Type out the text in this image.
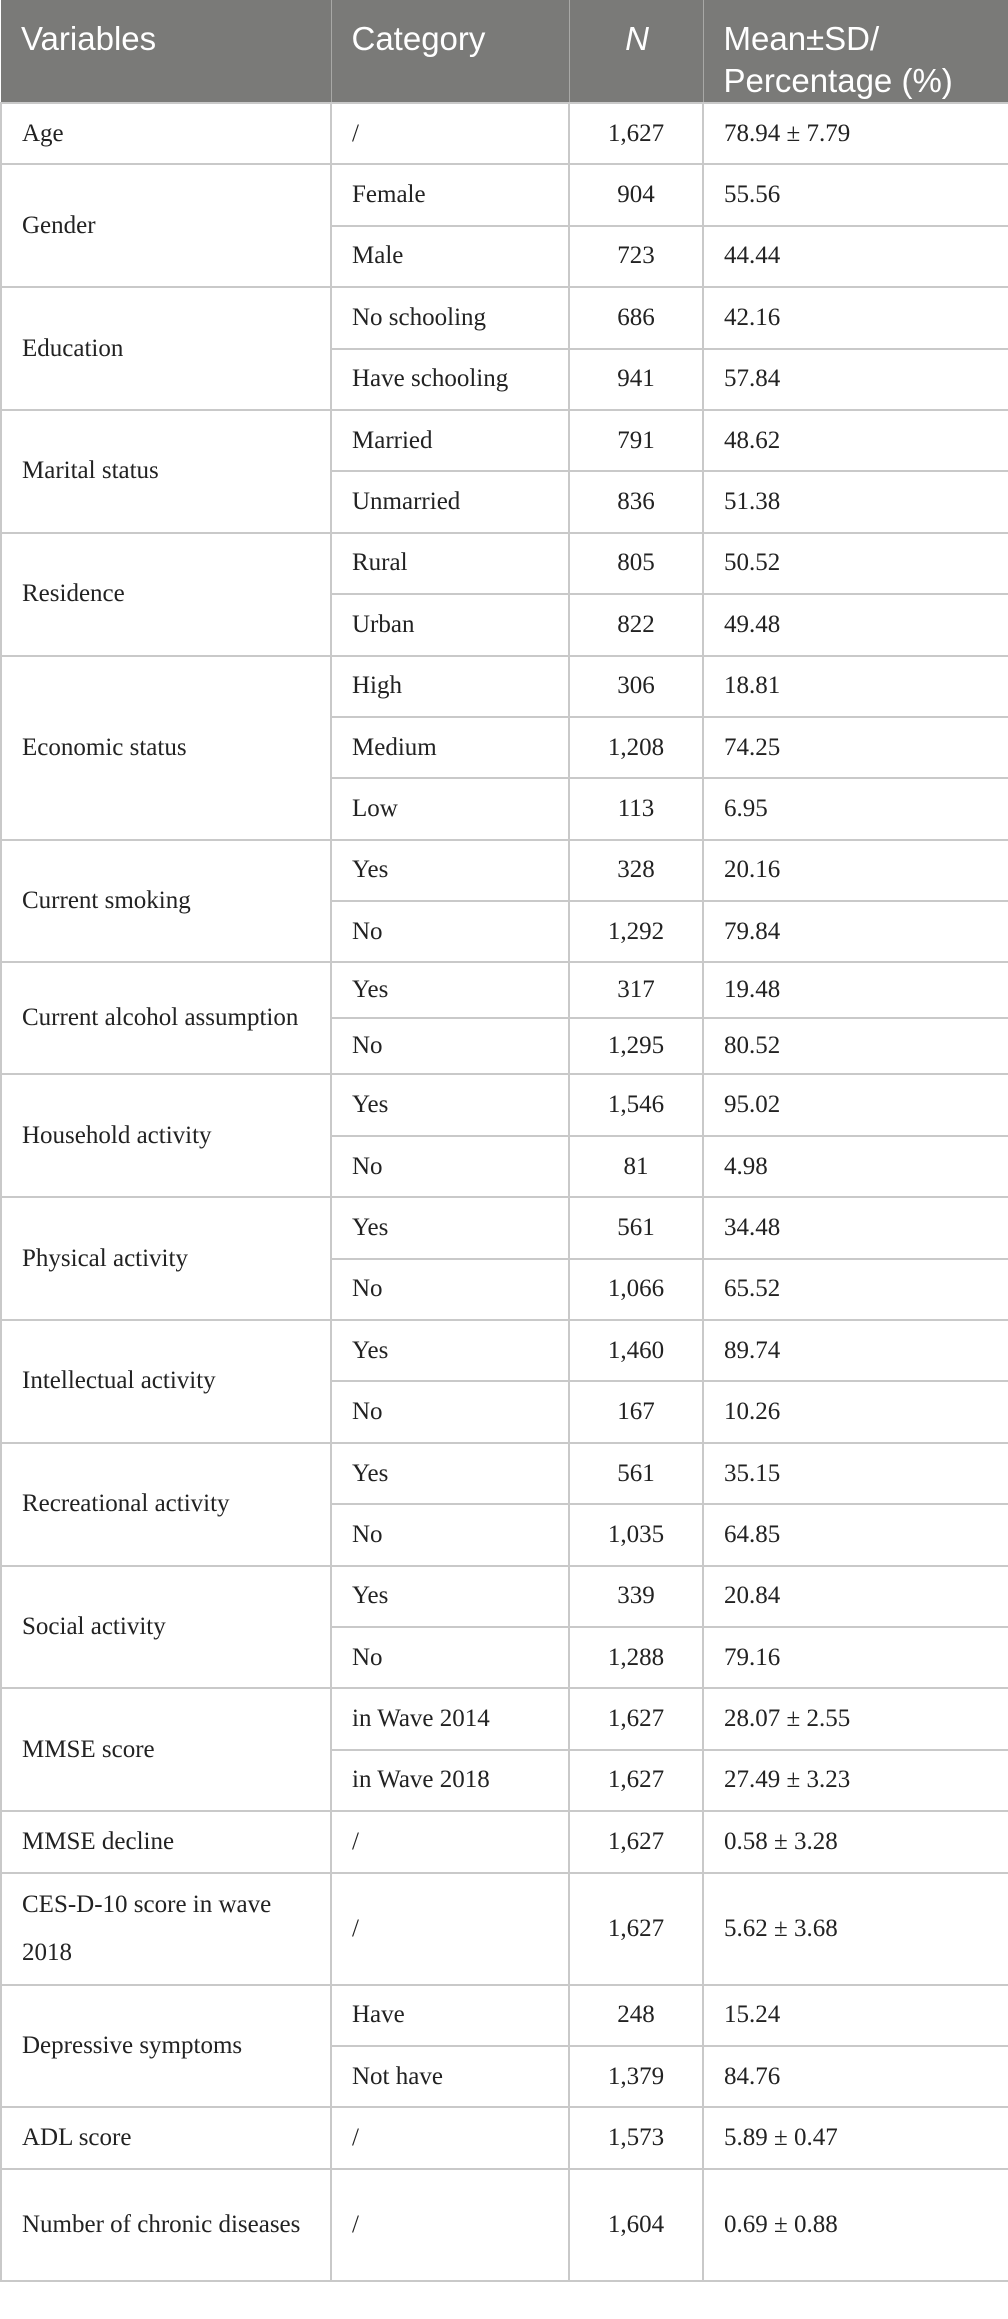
Variables	Category	N	Mean±SD/
Percentage (%)

Age	/	1,627	78.94 ± 7.79
Gender	Female	904	55.56
	Male	723	44.44
Education	No schooling	686	42.16
	Have schooling	941	57.84
Marital status	Married	791	48.62
	Unmarried	836	51.38
Residence	Rural	805	50.52
	Urban	822	49.48
Economic status	High	306	18.81
	Medium	1,208	74.25
	Low	113	6.95
Current smoking	Yes	328	20.16
	No	1,292	79.84
Current alcohol assumption	Yes	317	19.48
	No	1,295	80.52
Household activity	Yes	1,546	95.02
	No	81	4.98
Physical activity	Yes	561	34.48
	No	1,066	65.52
Intellectual activity	Yes	1,460	89.74
	No	167	10.26
Recreational activity	Yes	561	35.15
	No	1,035	64.85
Social activity	Yes	339	20.84
	No	1,288	79.16
MMSE score	in Wave 2014	1,627	28.07 ± 2.55
	in Wave 2018	1,627	27.49 ± 3.23
MMSE decline	/	1,627	0.58 ± 3.28
CES-D-10 score in wave 2018	/	1,627	5.62 ± 3.68
Depressive symptoms	Have	248	15.24
	Not have	1,379	84.76
ADL score	/	1,573	5.89 ± 0.47
Number of chronic diseases	/	1,604	0.69 ± 0.88
